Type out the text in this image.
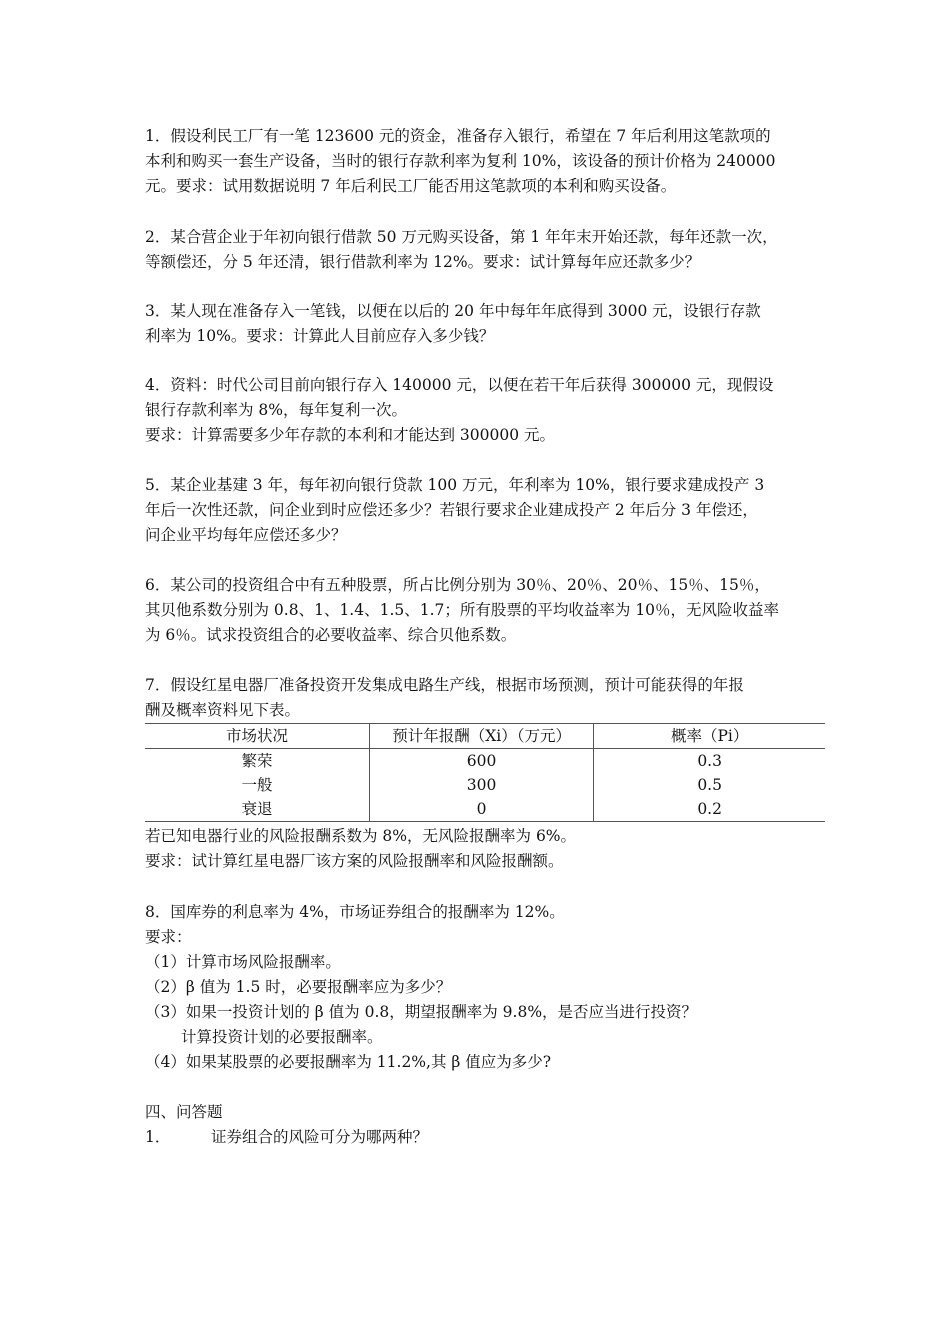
1．假设利民工厂有一笔 123600 元的资金，准备存入银行，希望在 7 年后利用这笔款项的
本利和购买一套生产设备，当时的银行存款利率为复利 10%，该设备的预计价格为 240000
元。要求：试用数据说明 7 年后利民工厂能否用这笔款项的本利和购买设备。
2．某合营企业于年初向银行借款 50 万元购买设备，第 1 年年末开始还款，每年还款一次，
等额偿还，分 5 年还清，银行借款利率为 12%。要求：试计算每年应还款多少？
3．某人现在准备存入一笔钱，以便在以后的 20 年中每年年底得到 3000 元，设银行存款
利率为 10%。要求：计算此人目前应存入多少钱？
4．资料：时代公司目前向银行存入 140000 元，以便在若干年后获得 300000 元，现假设
银行存款利率为 8%，每年复利一次。
要求：计算需要多少年存款的本利和才能达到 300000 元。
5．某企业基建 3 年，每年初向银行贷款 100 万元，年利率为 10%，银行要求建成投产 3
年后一次性还款，问企业到时应偿还多少？若银行要求企业建成投产 2 年后分 3 年偿还，
问企业平均每年应偿还多少？
6．某公司的投资组合中有五种股票，所占比例分别为 30％、20％、20％、15％、15％，
其贝他系数分别为 0.8、1、1.4、1.5、1.7；所有股票的平均收益率为 10％，无风险收益率
为 6％。试求投资组合的必要收益率、综合贝他系数。
7．假设红星电器厂准备投资开发集成电路生产线，根据市场预测，预计可能获得的年报
酬及概率资料见下表。
市场状况	预计年报酬（Xi）（万元）	概率（Pi）
繁荣	600	0.3
一般	300	0.5
衰退	0	0.2
若已知电器行业的风险报酬系数为 8%，无风险报酬率为 6%。
要求：试计算红星电器厂该方案的风险报酬率和风险报酬额。
8．国库券的利息率为 4%，市场证券组合的报酬率为 12%。
要求：
（1）计算市场风险报酬率。
（2）β 值为 1.5 时，必要报酬率应为多少？
（3）如果一投资计划的 β 值为 0.8，期望报酬率为 9.8%，是否应当进行投资？
计算投资计划的必要报酬率。
（4）如果某股票的必要报酬率为 11.2%,其 β 值应为多少?
四、问答题
1．	证券组合的风险可分为哪两种？
